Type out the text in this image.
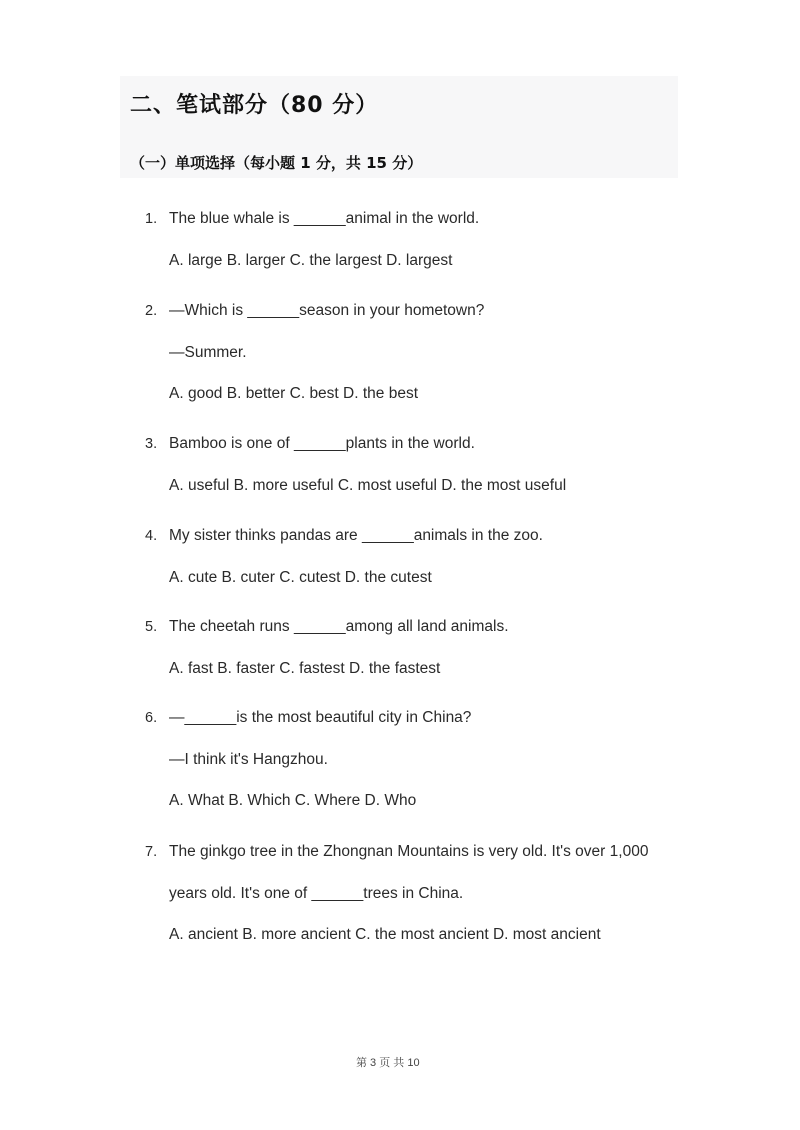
二、笔试部分（80 分）
（一）单项选择（每小题 1 分，共 15 分）
1. The blue whale is ______animal in the world.
A. large B. larger C. the largest D. largest
2. —Which is ______season in your hometown?
—Summer.
A. good B. better C. best D. the best
3. Bamboo is one of ______plants in the world.
A. useful B. more useful C. most useful D. the most useful
4. My sister thinks pandas are ______animals in the zoo.
A. cute B. cuter C. cutest D. the cutest
5. The cheetah runs ______among all land animals.
A. fast B. faster C. fastest D. the fastest
6. —______is the most beautiful city in China?
—I think it's Hangzhou.
A. What B. Which C. Where D. Who
7. The ginkgo tree in the Zhongnan Mountains is very old. It's over 1,000
years old. It's one of ______trees in China.
A. ancient B. more ancient C. the most ancient D. most ancient
第 3 页 共 10
